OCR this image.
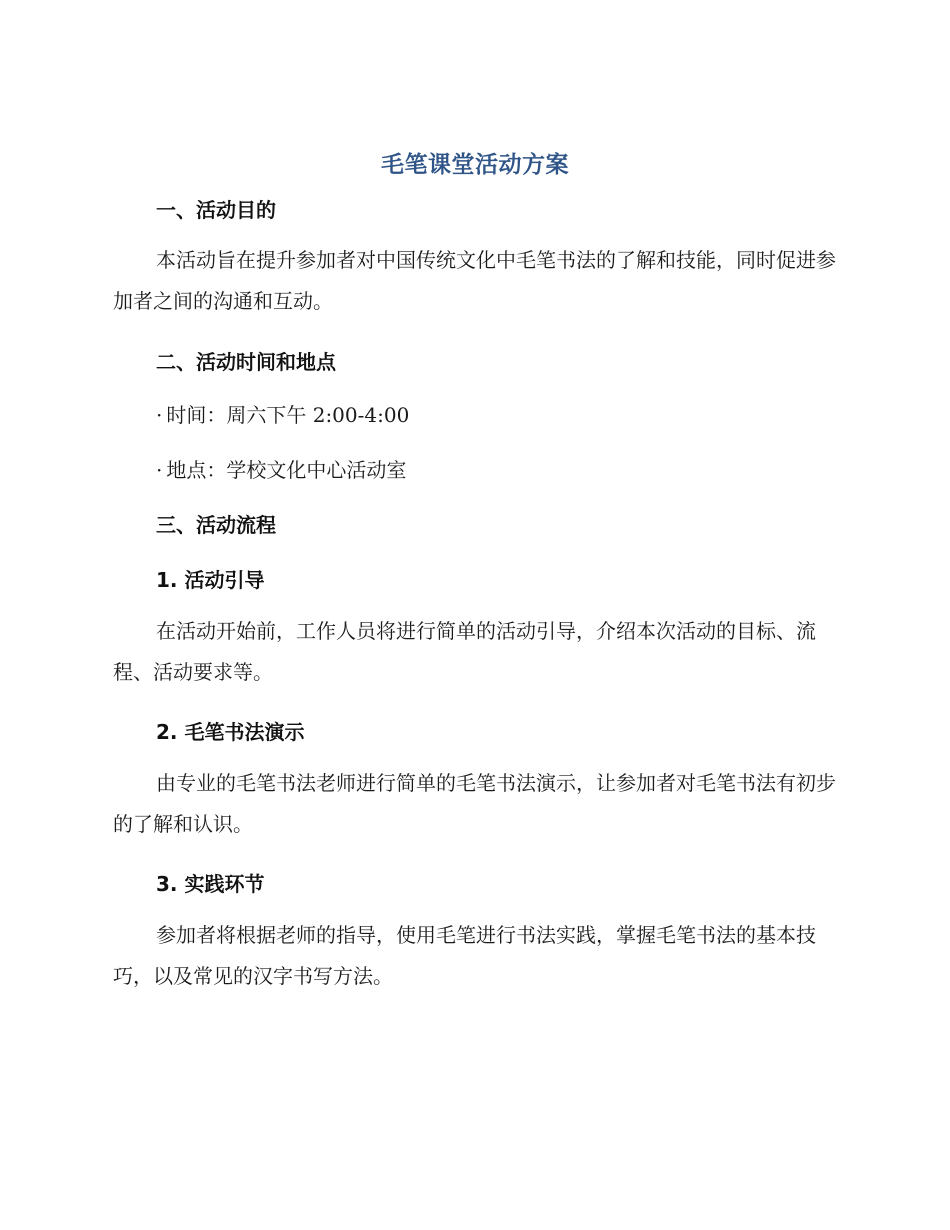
毛笔课堂活动方案
一、活动目的
本活动旨在提升参加者对中国传统文化中毛笔书法的了解和技能，同时促进参加者之间的沟通和互动。
二、活动时间和地点
· 时间：周六下午 2:00-4:00
· 地点：学校文化中心活动室
三、活动流程
1. 活动引导
在活动开始前，工作人员将进行简单的活动引导，介绍本次活动的目标、流程、活动要求等。
2. 毛笔书法演示
由专业的毛笔书法老师进行简单的毛笔书法演示，让参加者对毛笔书法有初步的了解和认识。
3. 实践环节
参加者将根据老师的指导，使用毛笔进行书法实践，掌握毛笔书法的基本技巧，以及常见的汉字书写方法。
